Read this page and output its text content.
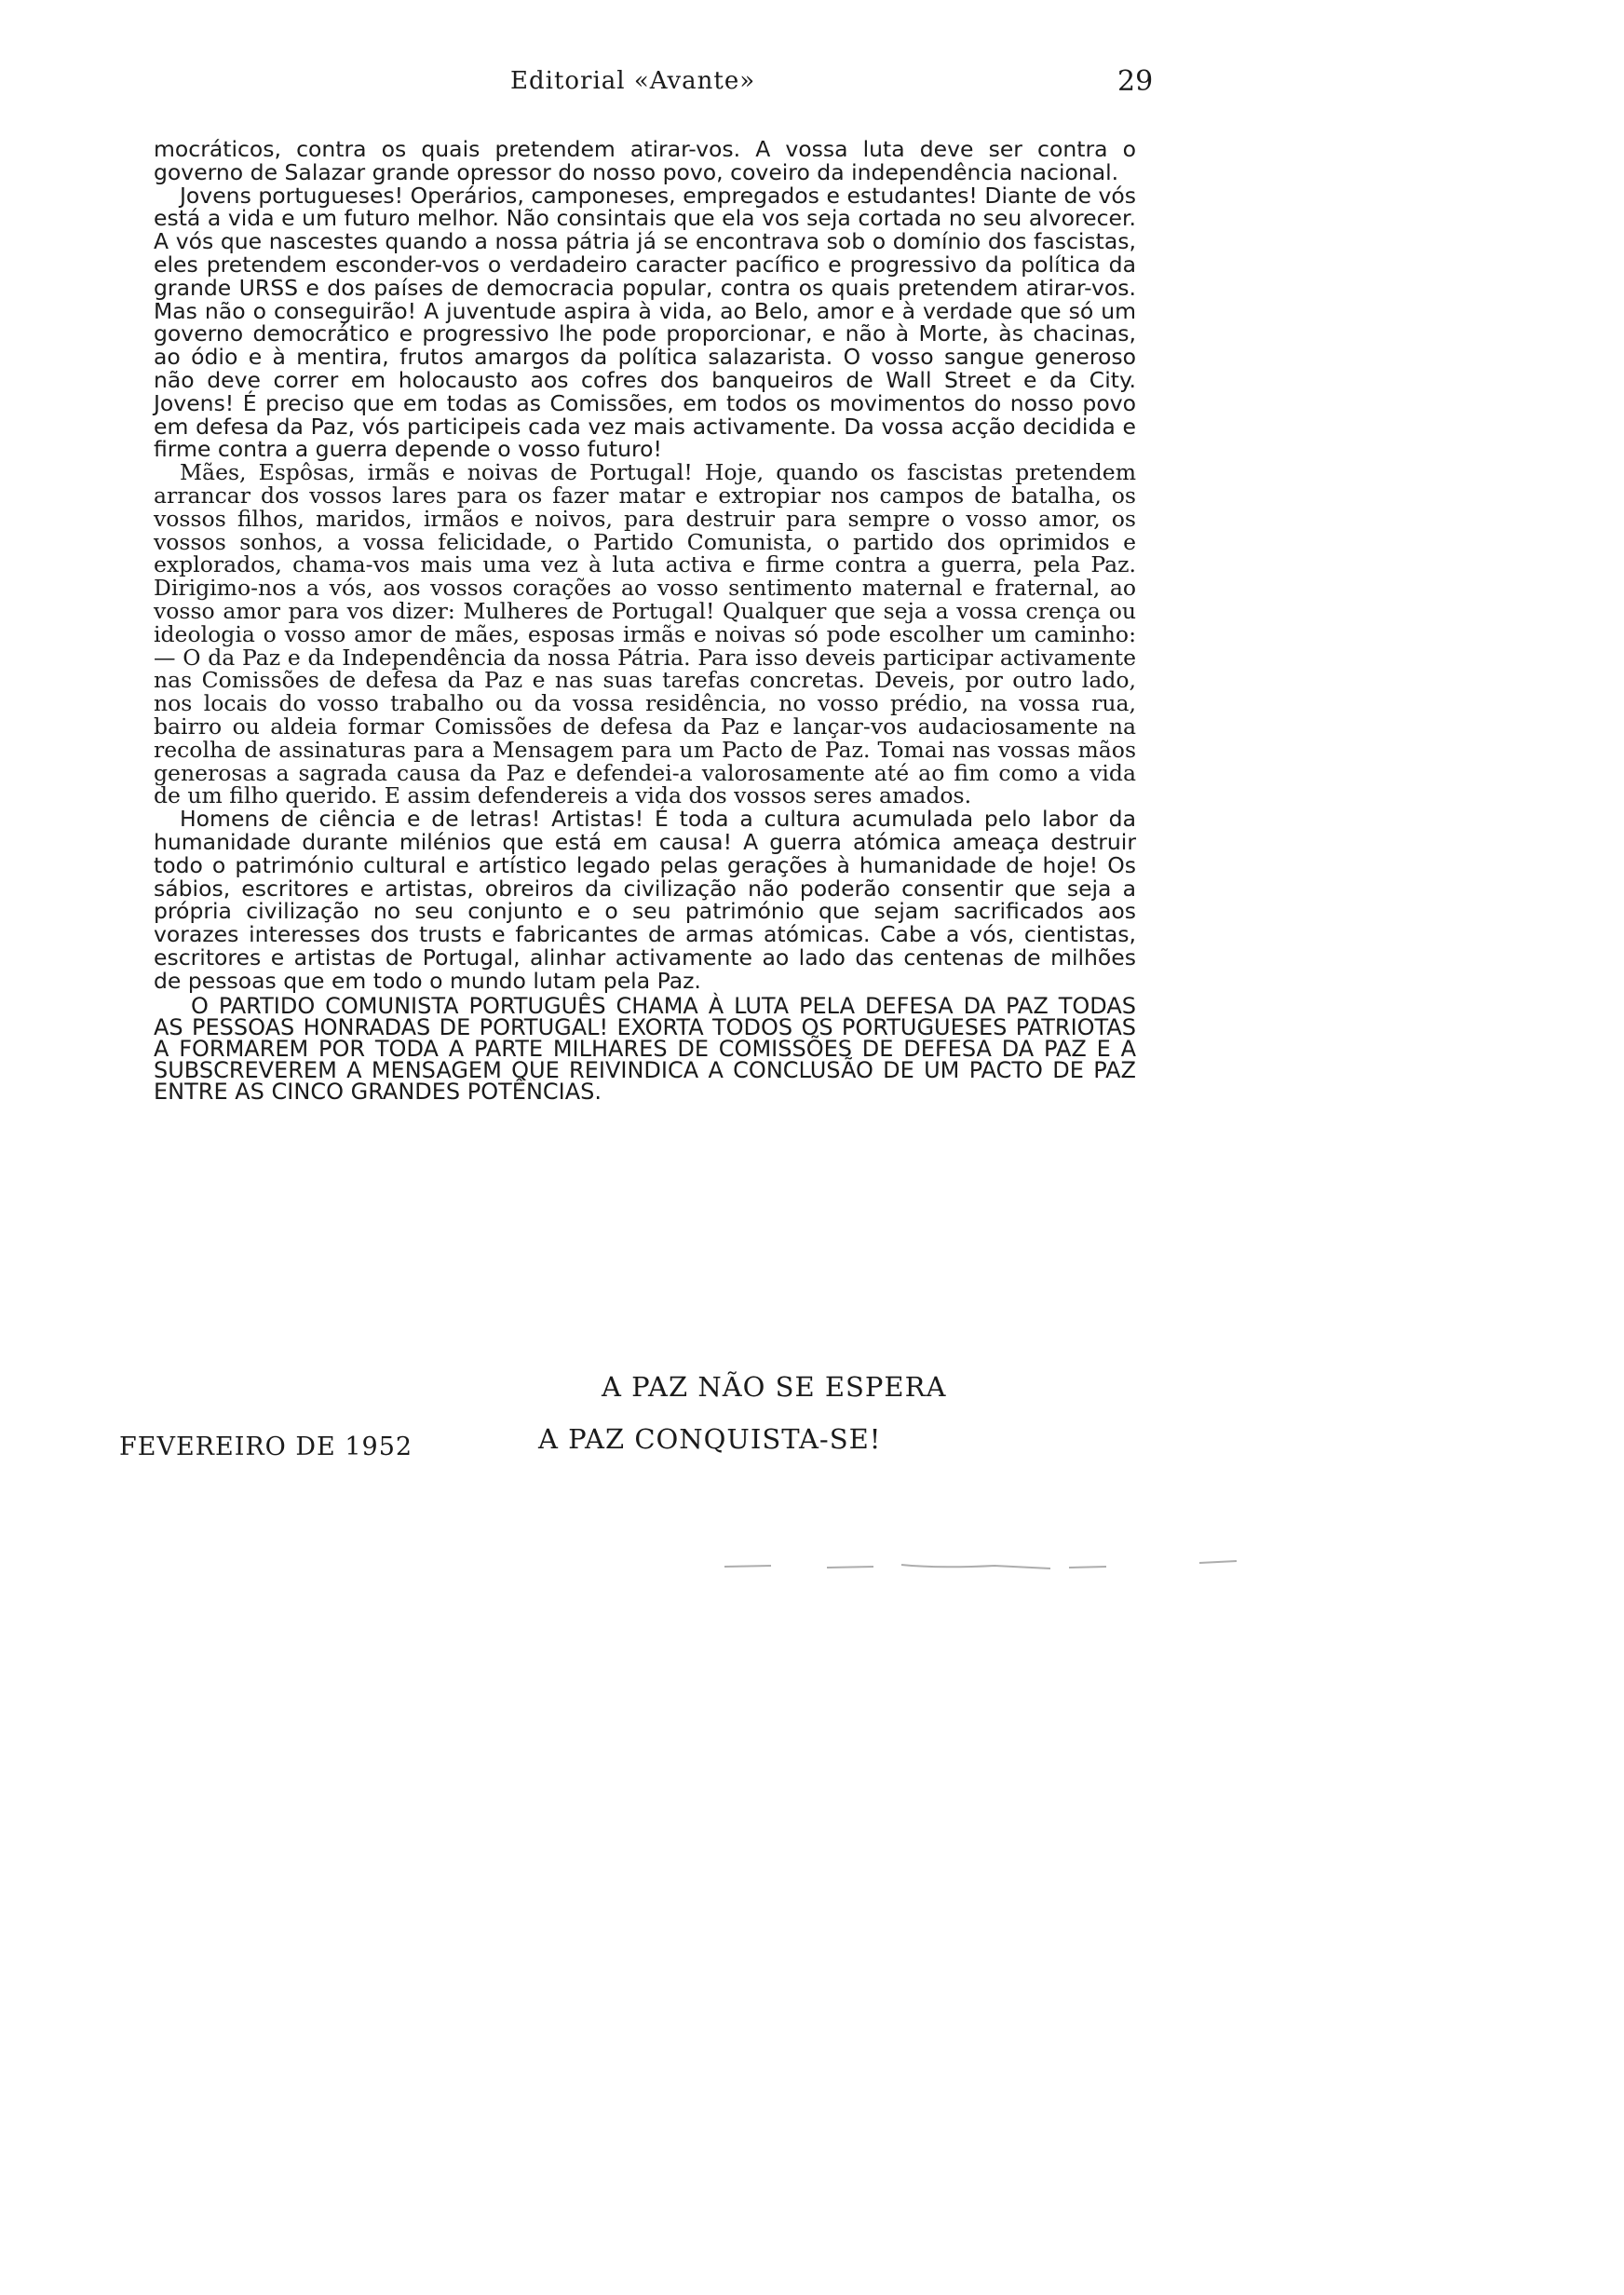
Editorial «Avante»	29

mocráticos, contra os quais pretendem atirar-vos. A vossa luta deve ser contra o governo de Salazar grande opressor do nosso povo, coveiro da independência nacional.

Jovens portugueses! Operários, camponeses, empregados e estudantes! Diante de vós está a vida e um futuro melhor. Não consintais que ela vos seja cortada no seu alvorecer. A vós que nascestes quando a nossa pátria já se encontrava sob o domínio dos fascistas, eles pretendem esconder-vos o verdadeiro caracter pacífico e progressivo da política da grande URSS e dos países de democracia popular, contra os quais pretendem atirar-vos. Mas não o conseguirão! A juventude aspira à vida, ao Belo, amor e à verdade que só um governo democrático e progressivo lhe pode proporcionar, e não à Morte, às chacinas, ao ódio e à mentira, frutos amargos da política salazarista. O vosso sangue generoso não deve correr em holocausto aos cofres dos banqueiros de Wall Street e da City. Jovens! É preciso que em todas as Comissões, em todos os movimentos do nosso povo em defesa da Paz, vós participeis cada vez mais activamente. Da vossa acção decidida e firme contra a guerra depende o vosso futuro!

Mães, Espôsas, irmãs e noivas de Portugal! Hoje, quando os fascistas pretendem arrancar dos vossos lares para os fazer matar e extropiar nos campos de batalha, os vossos filhos, maridos, irmãos e noivos, para destruir para sempre o vosso amor, os vossos sonhos, a vossa felicidade, o Partido Comunista, o partido dos oprimidos e explorados, chama-vos mais uma vez à luta activa e firme contra a guerra, pela Paz. Dirigimo-nos a vós, aos vossos corações ao vosso sentimento maternal e fraternal, ao vosso amor para vos dizer: Mulheres de Portugal! Qualquer que seja a vossa crença ou ideologia o vosso amor de mães, esposas irmãs e noivas só pode escolher um caminho: — O da Paz e da Independência da nossa Pátria. Para isso deveis participar activamente nas Comissões de defesa da Paz e nas suas tarefas concretas. Deveis, por outro lado, nos locais do vosso trabalho ou da vossa residência, no vosso prédio, na vossa rua, bairro ou aldeia formar Comissões de defesa da Paz e lançar-vos audaciosamente na recolha de assinaturas para a Mensagem para um Pacto de Paz. Tomai nas vossas mãos generosas a sagrada causa da Paz e defendei-a valorosamente até ao fim como a vida de um filho querido. E assim defendereis a vida dos vossos seres amados.

Homens de ciência e de letras! Artistas! É toda a cultura acumulada pelo labor da humanidade durante milénios que está em causa! A guerra atómica ameaça destruir todo o património cultural e artístico legado pelas gerações à humanidade de hoje! Os sábios, escritores e artistas, obreiros da civilização não poderão consentir que seja a própria civilização no seu conjunto e o seu património que sejam sacrificados aos vorazes interesses dos trusts e fabricantes de armas atómicas. Cabe a vós, cientistas, escritores e artistas de Portugal, alinhar activamente ao lado das centenas de milhões de pessoas que em todo o mundo lutam pela Paz.

O PARTIDO COMUNISTA PORTUGUÊS CHAMA À LUTA PELA DEFESA DA PAZ TODAS AS PESSOAS HONRADAS DE PORTUGAL! EXORTA TODOS OS PORTUGUESES PATRIOTAS A FORMAREM POR TODA A PARTE MILHARES DE COMISSÕES DE DEFESA DA PAZ E A SUBSCREVEREM A MENSAGEM QUE REIVINDICA A CONCLUSÃO DE UM PACTO DE PAZ ENTRE AS CINCO GRANDES POTÊNCIAS.

A PAZ NÃO SE ESPERA
A PAZ CONQUISTA-SE!
FEVEREIRO DE 1952
